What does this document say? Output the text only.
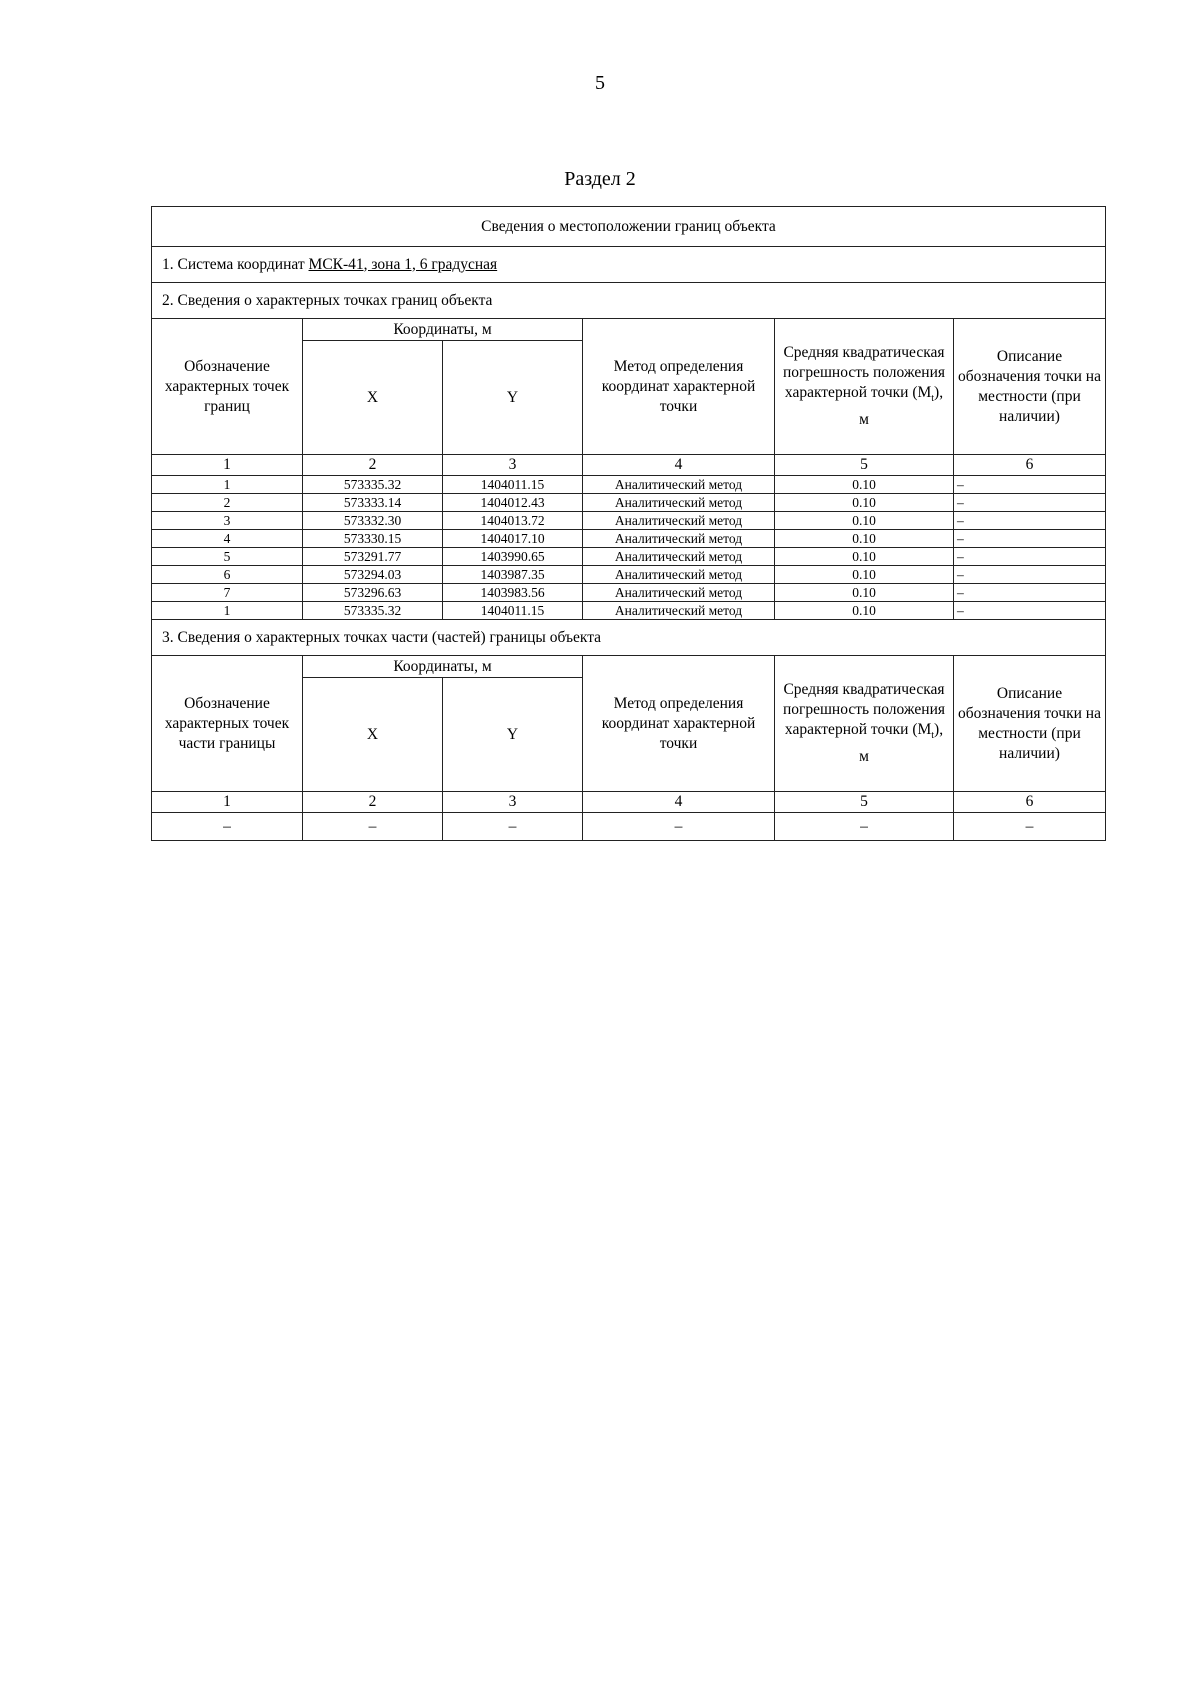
5
Раздел 2
Сведения о местоположении границ объекта					
1. Система координат МСК-41, зона 1, 6 градусная					
2. Сведения о характерных точках границ объекта					
Обозначение характерных точек границ	Координаты, м		Метод определения координат характерной точки	Средняя квадратическая погрешность положения характерной точки $(M_t)$, м	Описание обозначения точки на местности (при наличии)
	X	Y			
1	2	3	4	5	6
1	573335.32	1404011.15	Аналитический метод	0.10	–
2	573333.14	1404012.43	Аналитический метод	0.10	–
3	573332.30	1404013.72	Аналитический метод	0.10	–
4	573330.15	1404017.10	Аналитический метод	0.10	–
5	573291.77	1403990.65	Аналитический метод	0.10	–
6	573294.03	1403987.35	Аналитический метод	0.10	–
7	573296.63	1403983.56	Аналитический метод	0.10	–
1	573335.32	1404011.15	Аналитический метод	0.10	–
3. Сведения о характерных точках части (частей) границы объекта					
Обозначение характерных точек части границы	Координаты, м		Метод определения координат характерной точки	Средняя квадратическая погрешность положения характерной точки $(M_t)$, м	Описание обозначения точки на местности (при наличии)
	X	Y			
1	2	3	4	5	6
–	–	–	–	–	–
